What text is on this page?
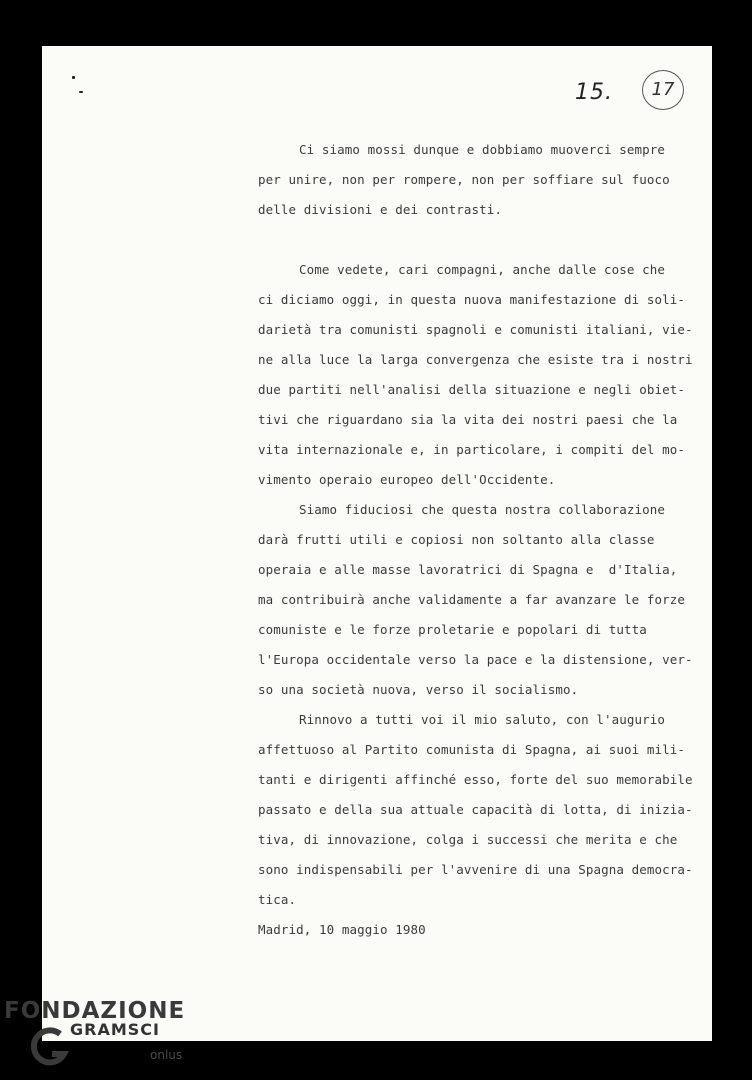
15.	17
Ci siamo mossi dunque e dobbiamo muoverci sempre
per unire, non per rompere, non per soffiare sul fuoco
delle divisioni e dei contrasti.
Come vedete, cari compagni, anche dalle cose che
ci diciamo oggi, in questa nuova manifestazione di soli-
darietà tra comunisti spagnoli e comunisti italiani, vie-
ne alla luce la larga convergenza che esiste tra i nostri
due partiti nell'analisi della situazione e negli obiet-
tivi che riguardano sia la vita dei nostri paesi che la
vita internazionale e, in particolare, i compiti del mo-
vimento operaio europeo dell'Occidente.
Siamo fiduciosi che questa nostra collaborazione
darà frutti utili e copiosi non soltanto alla classe
operaia e alle masse lavoratrici di Spagna e  d'Italia,
ma contribuirà anche validamente a far avanzare le forze
comuniste e le forze proletarie e popolari di tutta
l'Europa occidentale verso la pace e la distensione, ver-
so una società nuova, verso il socialismo.
Rinnovo a tutti voi il mio saluto, con l'augurio
affettuoso al Partito comunista di Spagna, ai suoi mili-
tanti e dirigenti affinché esso, forte del suo memorabile
passato e della sua attuale capacità di lotta, di inizia-
tiva, di innovazione, colga i successi che merita e che
sono indispensabili per l'avvenire di una Spagna democra-
tica.
Madrid, 10 maggio 1980
FONDAZIONE
GRAMSCI
onlus
